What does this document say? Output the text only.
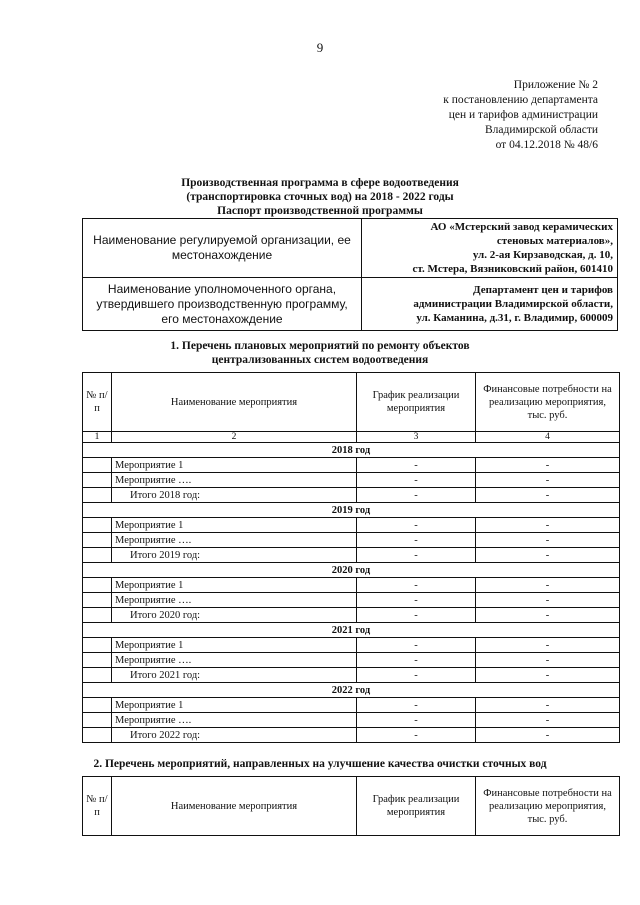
9
Приложение № 2
к постановлению департамента
цен и тарифов администрации
Владимирской области
от 04.12.2018 № 48/6
Производственная программа в сфере водоотведения
(транспортировка сточных вод) на 2018 - 2022 годы
Паспорт производственной программы
Наименование регулируемой организации, ее местонахождение	АО «Мстерский завод керамических
стеновых материалов»,
ул. 2-ая Кирзаводская, д. 10,
ст. Мстера, Вязниковский район, 601410

Наименование уполномоченного органа, утвердившего производственную программу, его местонахождение	Департамент цен и тарифов
администрации Владимирской области,
ул. Каманина, д.31, г. Владимир, 600009
1. Перечень плановых мероприятий по ремонту объектов централизованных систем водоотведения
№ п/п	Наименование мероприятия	График реализации мероприятия	Финансовые потребности на реализацию мероприятия, тыс. руб.
1	2	3	4
2018 год			
	Мероприятие 1	-	-
	Мероприятие ….	-	-
	Итого 2018 год:	-	-
2019 год			
	Мероприятие 1	-	-
	Мероприятие ….	-	-
	Итого 2019 год:	-	-
2020 год			
	Мероприятие 1	-	-
	Мероприятие ….	-	-
	Итого 2020 год:	-	-
2021 год			
	Мероприятие 1	-	-
	Мероприятие ….	-	-
	Итого 2021 год:	-	-
2022 год			
	Мероприятие 1	-	-
	Мероприятие ….	-	-
	Итого 2022 год:	-	-
2. Перечень мероприятий, направленных на улучшение качества очистки сточных вод
№ п/п	Наименование мероприятия	График реализации мероприятия	Финансовые потребности на реализацию мероприятия, тыс. руб.
